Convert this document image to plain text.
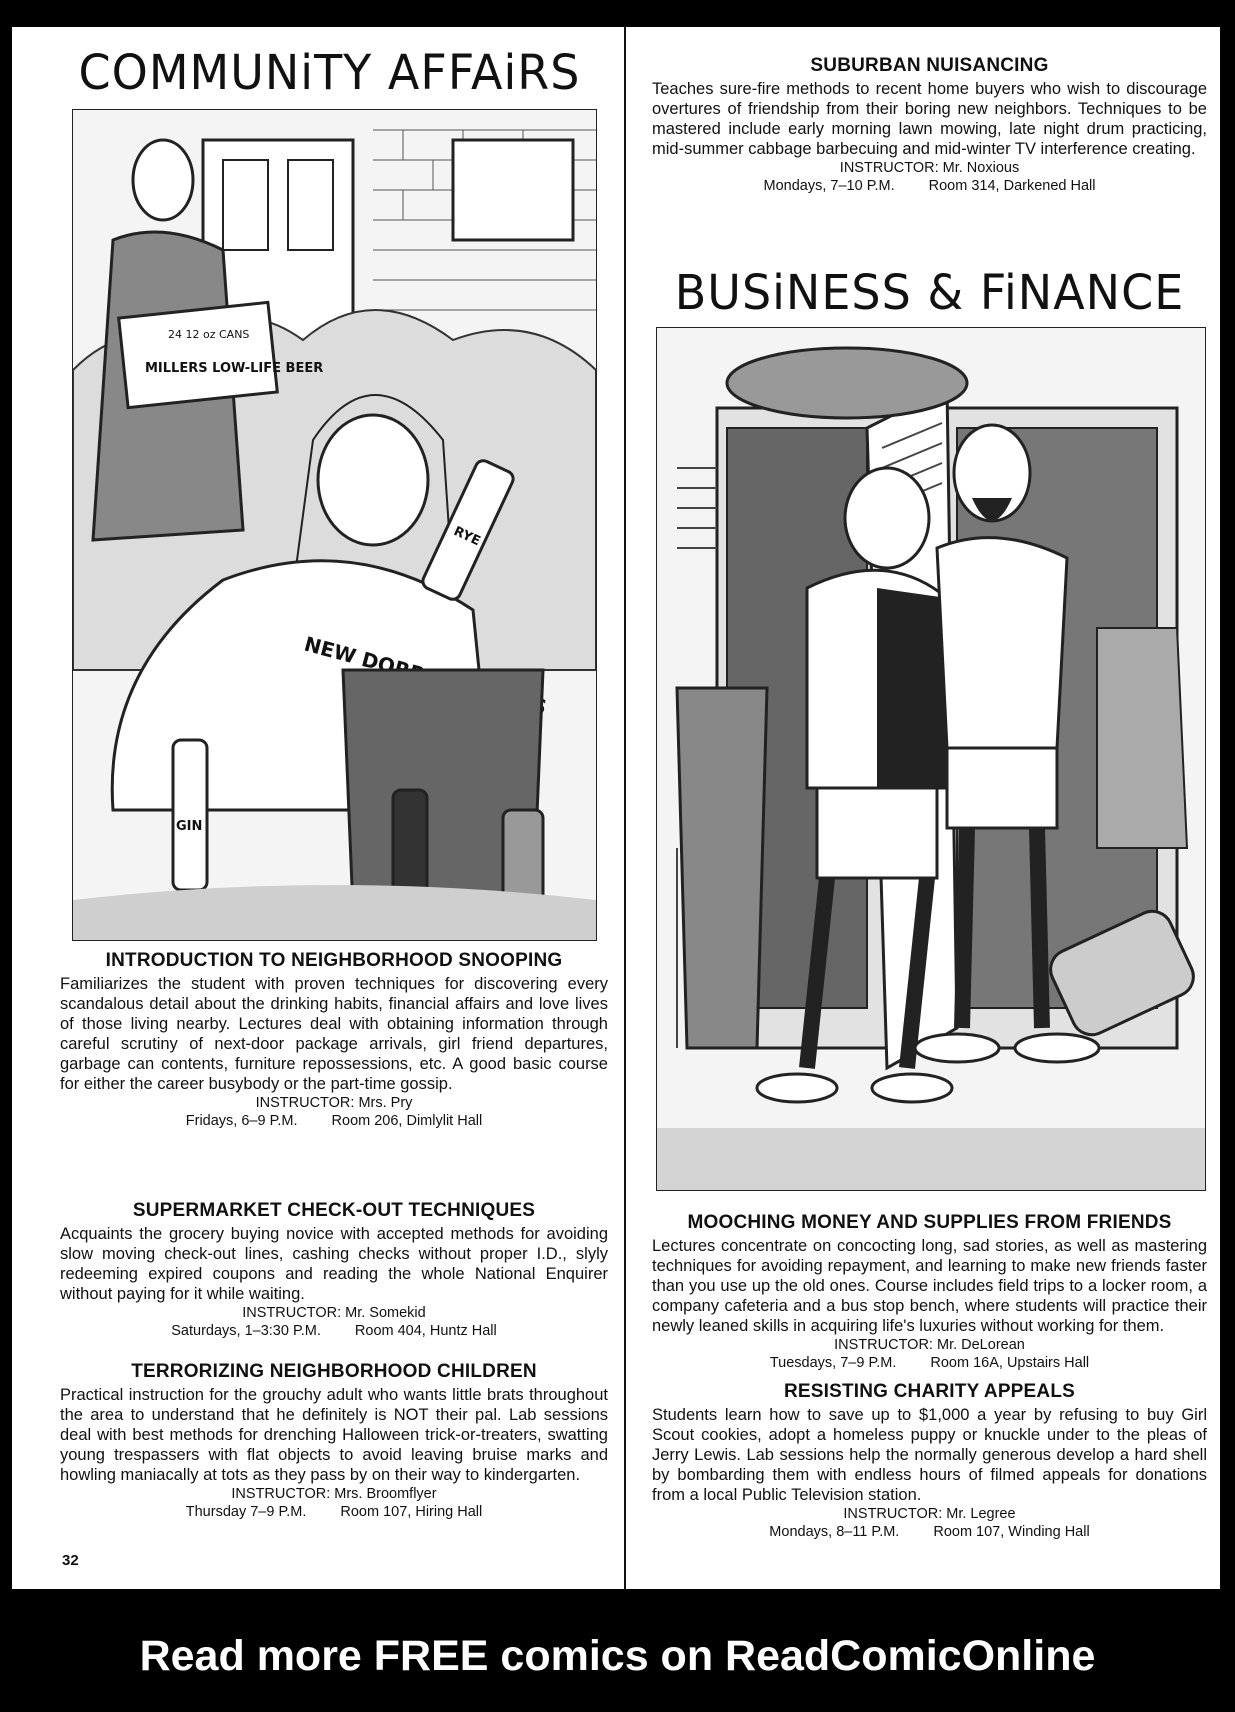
COMMUNiTY AFFAiRS
24 12 oz CANS
MILLERS LOW-LIFE BEER
NEW DORP
GIN
RYE
INTRODUCTION TO NEIGHBORHOOD SNOOPING

Familiarizes the student with proven techniques for discovering every scandalous detail about the drinking habits, financial affairs and love lives of those living nearby. Lectures deal with obtaining information through careful scrutiny of next-door package arrivals, girl friend departures, garbage can contents, furniture repossessions, etc. A good basic course for either the career busybody or the part-time gossip.

INSTRUCTOR: Mrs. Pry
Fridays, 6–9 P.M. Room 206, Dimlylit Hall
SUPERMARKET CHECK-OUT TECHNIQUES

Acquaints the grocery buying novice with accepted methods for avoiding slow moving check-out lines, cashing checks without proper I.D., slyly redeeming expired coupons and reading the whole National Enquirer without paying for it while waiting.

INSTRUCTOR: Mr. Somekid
Saturdays, 1–3:30 P.M. Room 404, Huntz Hall
TERRORIZING NEIGHBORHOOD CHILDREN

Practical instruction for the grouchy adult who wants little brats throughout the area to understand that he definitely is NOT their pal. Lab sessions deal with best methods for drenching Halloween trick-or-treaters, swatting young trespassers with flat objects to avoid leaving bruise marks and howling maniacally at tots as they pass by on their way to kindergarten.

INSTRUCTOR: Mrs. Broomflyer
Thursday 7–9 P.M. Room 107, Hiring Hall
32
SUBURBAN NUISANCING

Teaches sure-fire methods to recent home buyers who wish to discourage overtures of friendship from their boring new neighbors. Techniques to be mastered include early morning lawn mowing, late night drum practicing, mid-summer cabbage barbecuing and mid-winter TV interference creating.

INSTRUCTOR: Mr. Noxious
Mondays, 7–10 P.M. Room 314, Darkened Hall
BUSiNESS & FiNANCE
MOOCHING MONEY AND SUPPLIES FROM FRIENDS

Lectures concentrate on concocting long, sad stories, as well as mastering techniques for avoiding repayment, and learning to make new friends faster than you use up the old ones. Course includes field trips to a locker room, a company cafeteria and a bus stop bench, where students will practice their newly leaned skills in acquiring life's luxuries without working for them.

INSTRUCTOR: Mr. DeLorean
Tuesdays, 7–9 P.M. Room 16A, Upstairs Hall
RESISTING CHARITY APPEALS

Students learn how to save up to $1,000 a year by refusing to buy Girl Scout cookies, adopt a homeless puppy or knuckle under to the pleas of Jerry Lewis. Lab sessions help the normally generous develop a hard shell by bombarding them with endless hours of filmed appeals for donations from a local Public Television station.

INSTRUCTOR: Mr. Legree
Mondays, 8–11 P.M. Room 107, Winding Hall
Read more FREE comics on ReadComicOnline
